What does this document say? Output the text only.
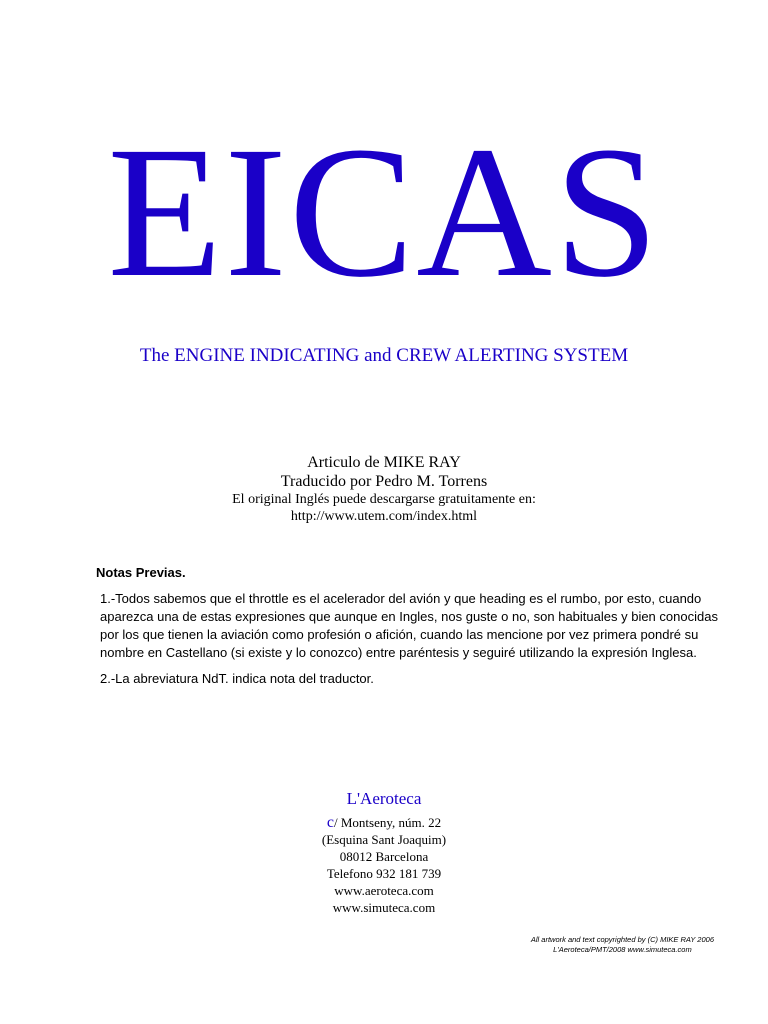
EICAS
The ENGINE INDICATING and CREW ALERTING SYSTEM
Articulo de MIKE RAY
Traducido por Pedro M. Torrens
El original Inglés puede descargarse gratuitamente en:
http://www.utem.com/index.html
Notas Previas.

1.-Todos sabemos que el throttle es el acelerador del avión y que heading es el rumbo, por esto, cuando aparezca una de estas expresiones que aunque en Ingles, nos guste o no, son habituales y bien conocidas por los que tienen la aviación como profesión o afición, cuando las mencione por vez primera pondré su nombre en Castellano (si existe y lo conozco) entre paréntesis y seguiré utilizando la expresión Inglesa.

2.-La abreviatura NdT. indica nota del traductor.

L'Aeroteca
c/ Montseny, núm. 22
(Esquina Sant Joaquim)
08012 Barcelona
Telefono 932 181 739
www.aeroteca.com
www.simuteca.com
All artwork and text copyrighted by (C) MIKE RAY 2006
L'Aeroteca/PMT/2008 www.simuteca.com
